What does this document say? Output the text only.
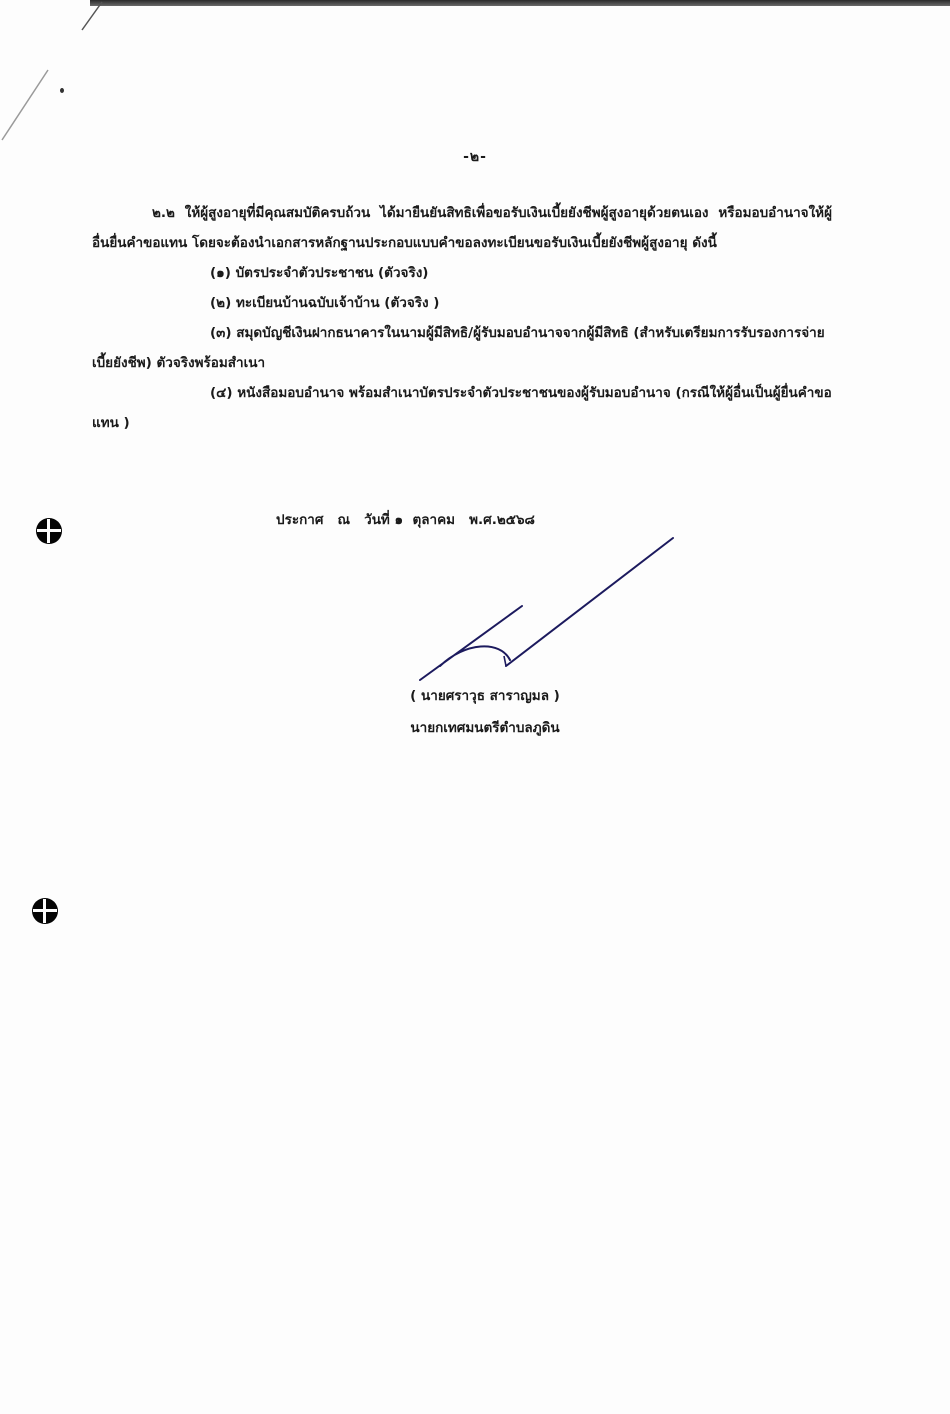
-๒-

๒.๒ ให้ผู้สูงอายุที่มีคุณสมบัติครบถ้วน ได้มายืนยันสิทธิเพื่อขอรับเงินเบี้ยยังชีพผู้สูงอายุด้วยตนเอง หรือมอบอำนาจให้ผู้อื่นยื่นคำขอแทน โดยจะต้องนำเอกสารหลักฐานประกอบแบบคำขอลงทะเบียนขอรับเงินเบี้ยยังชีพผู้สูงอายุ ดังนี้

(๑) บัตรประจำตัวประชาชน (ตัวจริง)

(๒) ทะเบียนบ้านฉบับเจ้าบ้าน (ตัวจริง )

(๓) สมุดบัญชีเงินฝากธนาคารในนามผู้มีสิทธิ/ผู้รับมอบอำนาจจากผู้มีสิทธิ (สำหรับเตรียมการรับรองการจ่ายเบี้ยยังชีพ) ตัวจริงพร้อมสำเนา

(๔) หนังสือมอบอำนาจ พร้อมสำเนาบัตรประจำตัวประชาชนของผู้รับมอบอำนาจ (กรณีให้ผู้อื่นเป็นผู้ยื่นคำขอแทน )

ประกาศ   ณ   วันที่ ๑  ตุลาคม   พ.ศ.๒๕๖๘
( นายศราวุธ สาราญมล )
นายกเทศมนตรีตำบลภูดิน
